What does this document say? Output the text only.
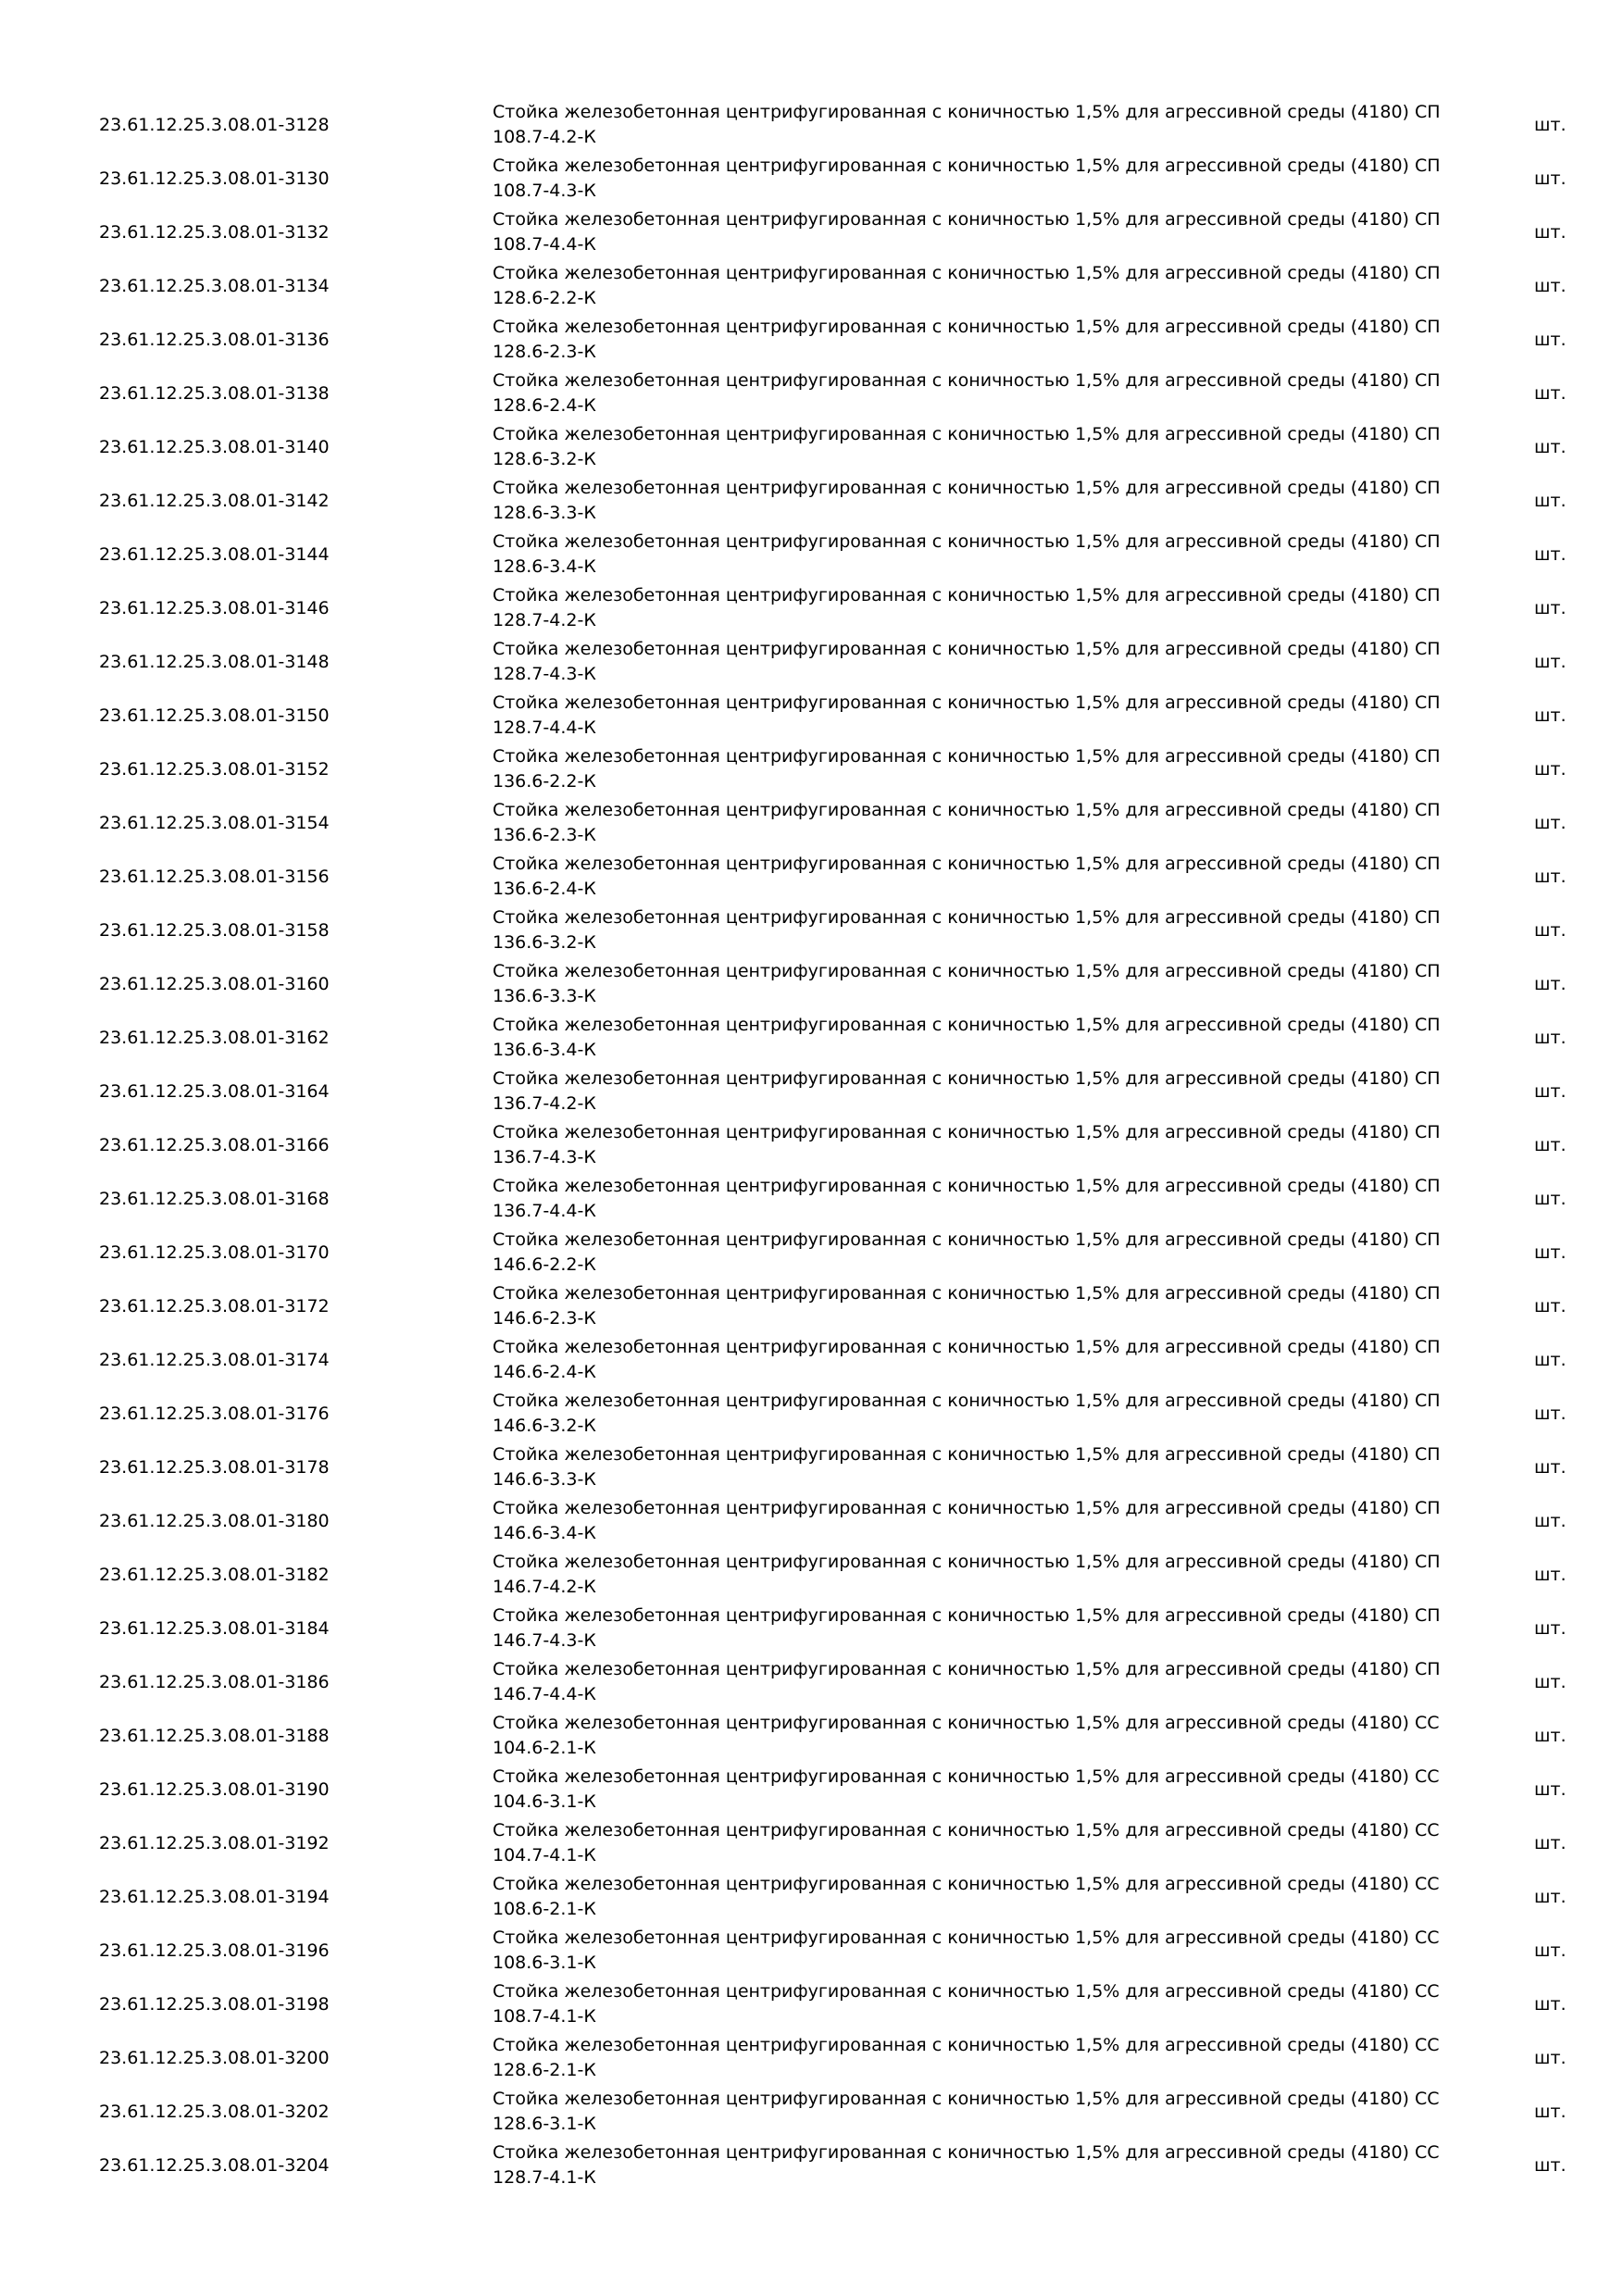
23.61.12.25.3.08.01-3128
Стойка железобетонная центрифугированная с коничностью 1,5% для агрессивной среды (4180) СП
108.7-4.2-К
шт.
23.61.12.25.3.08.01-3130
Стойка железобетонная центрифугированная с коничностью 1,5% для агрессивной среды (4180) СП
108.7-4.3-К
шт.
23.61.12.25.3.08.01-3132
Стойка железобетонная центрифугированная с коничностью 1,5% для агрессивной среды (4180) СП
108.7-4.4-К
шт.
23.61.12.25.3.08.01-3134
Стойка железобетонная центрифугированная с коничностью 1,5% для агрессивной среды (4180) СП
128.6-2.2-К
шт.
23.61.12.25.3.08.01-3136
Стойка железобетонная центрифугированная с коничностью 1,5% для агрессивной среды (4180) СП
128.6-2.3-К
шт.
23.61.12.25.3.08.01-3138
Стойка железобетонная центрифугированная с коничностью 1,5% для агрессивной среды (4180) СП
128.6-2.4-К
шт.
23.61.12.25.3.08.01-3140
Стойка железобетонная центрифугированная с коничностью 1,5% для агрессивной среды (4180) СП
128.6-3.2-К
шт.
23.61.12.25.3.08.01-3142
Стойка железобетонная центрифугированная с коничностью 1,5% для агрессивной среды (4180) СП
128.6-3.3-К
шт.
23.61.12.25.3.08.01-3144
Стойка железобетонная центрифугированная с коничностью 1,5% для агрессивной среды (4180) СП
128.6-3.4-К
шт.
23.61.12.25.3.08.01-3146
Стойка железобетонная центрифугированная с коничностью 1,5% для агрессивной среды (4180) СП
128.7-4.2-К
шт.
23.61.12.25.3.08.01-3148
Стойка железобетонная центрифугированная с коничностью 1,5% для агрессивной среды (4180) СП
128.7-4.3-К
шт.
23.61.12.25.3.08.01-3150
Стойка железобетонная центрифугированная с коничностью 1,5% для агрессивной среды (4180) СП
128.7-4.4-К
шт.
23.61.12.25.3.08.01-3152
Стойка железобетонная центрифугированная с коничностью 1,5% для агрессивной среды (4180) СП
136.6-2.2-К
шт.
23.61.12.25.3.08.01-3154
Стойка железобетонная центрифугированная с коничностью 1,5% для агрессивной среды (4180) СП
136.6-2.3-К
шт.
23.61.12.25.3.08.01-3156
Стойка железобетонная центрифугированная с коничностью 1,5% для агрессивной среды (4180) СП
136.6-2.4-К
шт.
23.61.12.25.3.08.01-3158
Стойка железобетонная центрифугированная с коничностью 1,5% для агрессивной среды (4180) СП
136.6-3.2-К
шт.
23.61.12.25.3.08.01-3160
Стойка железобетонная центрифугированная с коничностью 1,5% для агрессивной среды (4180) СП
136.6-3.3-К
шт.
23.61.12.25.3.08.01-3162
Стойка железобетонная центрифугированная с коничностью 1,5% для агрессивной среды (4180) СП
136.6-3.4-К
шт.
23.61.12.25.3.08.01-3164
Стойка железобетонная центрифугированная с коничностью 1,5% для агрессивной среды (4180) СП
136.7-4.2-К
шт.
23.61.12.25.3.08.01-3166
Стойка железобетонная центрифугированная с коничностью 1,5% для агрессивной среды (4180) СП
136.7-4.3-К
шт.
23.61.12.25.3.08.01-3168
Стойка железобетонная центрифугированная с коничностью 1,5% для агрессивной среды (4180) СП
136.7-4.4-К
шт.
23.61.12.25.3.08.01-3170
Стойка железобетонная центрифугированная с коничностью 1,5% для агрессивной среды (4180) СП
146.6-2.2-К
шт.
23.61.12.25.3.08.01-3172
Стойка железобетонная центрифугированная с коничностью 1,5% для агрессивной среды (4180) СП
146.6-2.3-К
шт.
23.61.12.25.3.08.01-3174
Стойка железобетонная центрифугированная с коничностью 1,5% для агрессивной среды (4180) СП
146.6-2.4-К
шт.
23.61.12.25.3.08.01-3176
Стойка железобетонная центрифугированная с коничностью 1,5% для агрессивной среды (4180) СП
146.6-3.2-К
шт.
23.61.12.25.3.08.01-3178
Стойка железобетонная центрифугированная с коничностью 1,5% для агрессивной среды (4180) СП
146.6-3.3-К
шт.
23.61.12.25.3.08.01-3180
Стойка железобетонная центрифугированная с коничностью 1,5% для агрессивной среды (4180) СП
146.6-3.4-К
шт.
23.61.12.25.3.08.01-3182
Стойка железобетонная центрифугированная с коничностью 1,5% для агрессивной среды (4180) СП
146.7-4.2-К
шт.
23.61.12.25.3.08.01-3184
Стойка железобетонная центрифугированная с коничностью 1,5% для агрессивной среды (4180) СП
146.7-4.3-К
шт.
23.61.12.25.3.08.01-3186
Стойка железобетонная центрифугированная с коничностью 1,5% для агрессивной среды (4180) СП
146.7-4.4-К
шт.
23.61.12.25.3.08.01-3188
Стойка железобетонная центрифугированная с коничностью 1,5% для агрессивной среды (4180) СС
104.6-2.1-К
шт.
23.61.12.25.3.08.01-3190
Стойка железобетонная центрифугированная с коничностью 1,5% для агрессивной среды (4180) СС
104.6-3.1-К
шт.
23.61.12.25.3.08.01-3192
Стойка железобетонная центрифугированная с коничностью 1,5% для агрессивной среды (4180) СС
104.7-4.1-К
шт.
23.61.12.25.3.08.01-3194
Стойка железобетонная центрифугированная с коничностью 1,5% для агрессивной среды (4180) СС
108.6-2.1-К
шт.
23.61.12.25.3.08.01-3196
Стойка железобетонная центрифугированная с коничностью 1,5% для агрессивной среды (4180) СС
108.6-3.1-К
шт.
23.61.12.25.3.08.01-3198
Стойка железобетонная центрифугированная с коничностью 1,5% для агрессивной среды (4180) СС
108.7-4.1-К
шт.
23.61.12.25.3.08.01-3200
Стойка железобетонная центрифугированная с коничностью 1,5% для агрессивной среды (4180) СС
128.6-2.1-К
шт.
23.61.12.25.3.08.01-3202
Стойка железобетонная центрифугированная с коничностью 1,5% для агрессивной среды (4180) СС
128.6-3.1-К
шт.
23.61.12.25.3.08.01-3204
Стойка железобетонная центрифугированная с коничностью 1,5% для агрессивной среды (4180) СС
128.7-4.1-К
шт.
